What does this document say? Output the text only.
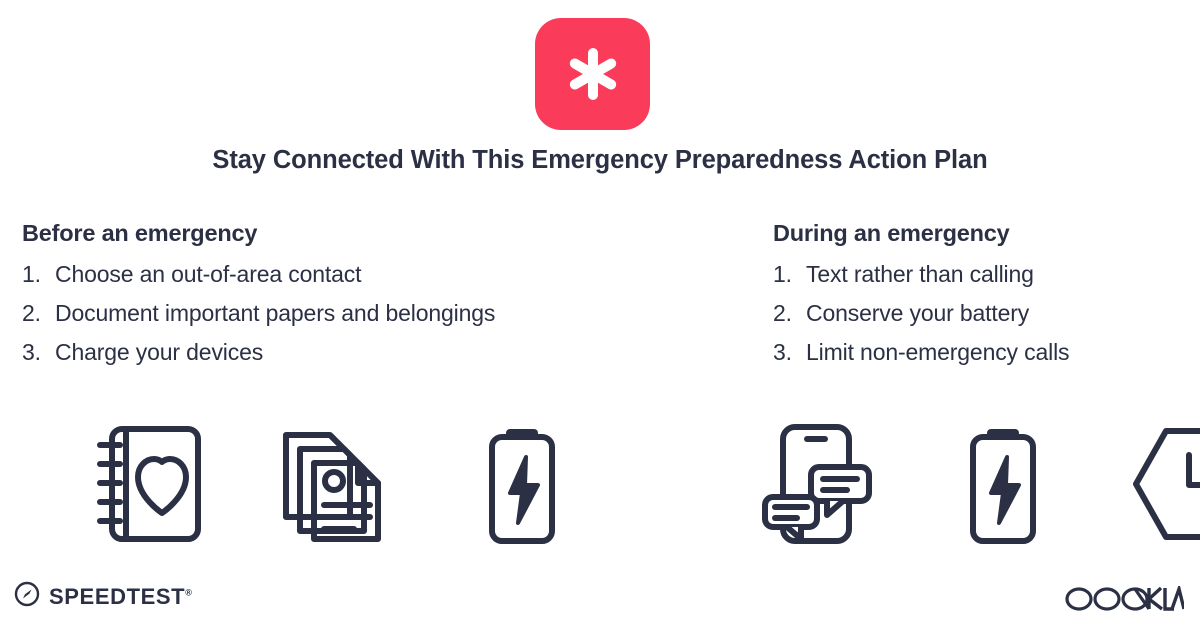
Stay Connected With This Emergency Preparedness Action Plan
Before an emergency
1. Choose an out-of-area contact
2. Document important papers and belongings
3. Charge your devices
During an emergency
1. Text rather than calling
2. Conserve your battery
3. Limit non-emergency calls
SPEEDTEST®
